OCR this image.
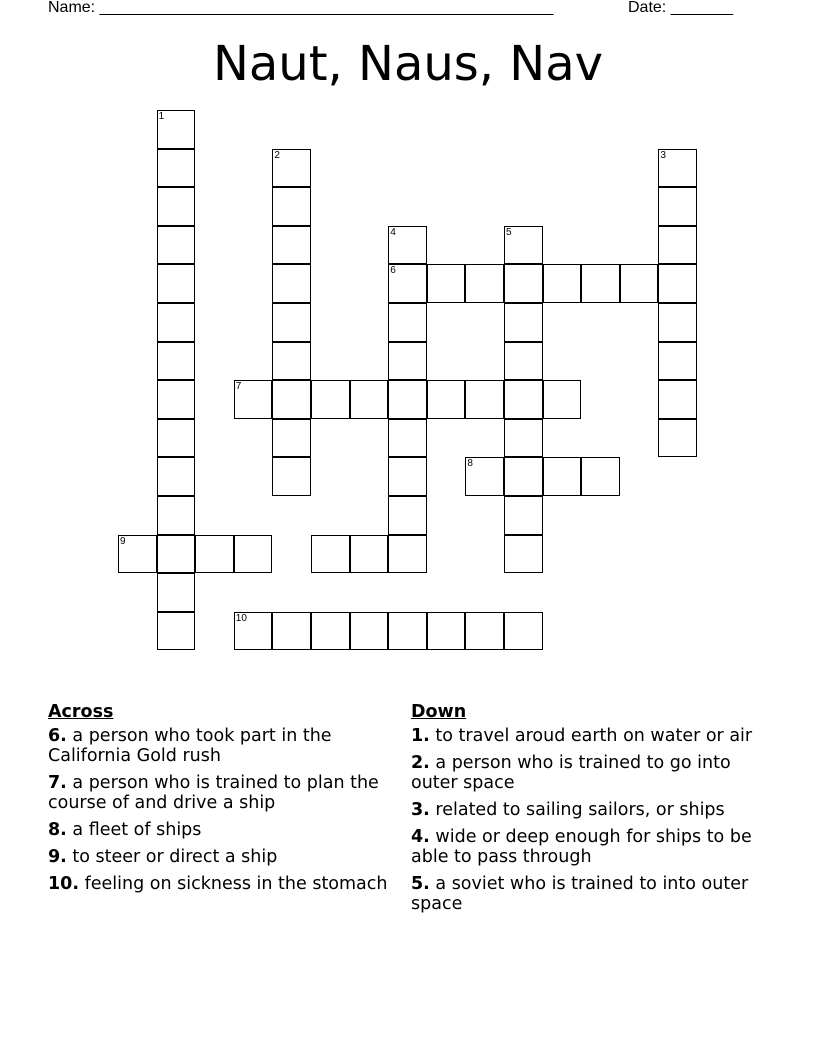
Name: ___________________________________________________	Date: _______
Naut, Naus, Nav
1
2	3
4
6
5
7
8
9
10
Across
6. a person who took part in the California Gold rush
7. a person who is trained to plan the course of and drive a ship
8. a fleet of ships
9. to steer or direct a ship
10. feeling on sickness in the stomach
Down
1. to travel aroud earth on water or air
2. a person who is trained to go into outer space
3. related to sailing sailors, or ships
4. wide or deep enough for ships to be able to pass through
5. a soviet who is trained to into outer space
